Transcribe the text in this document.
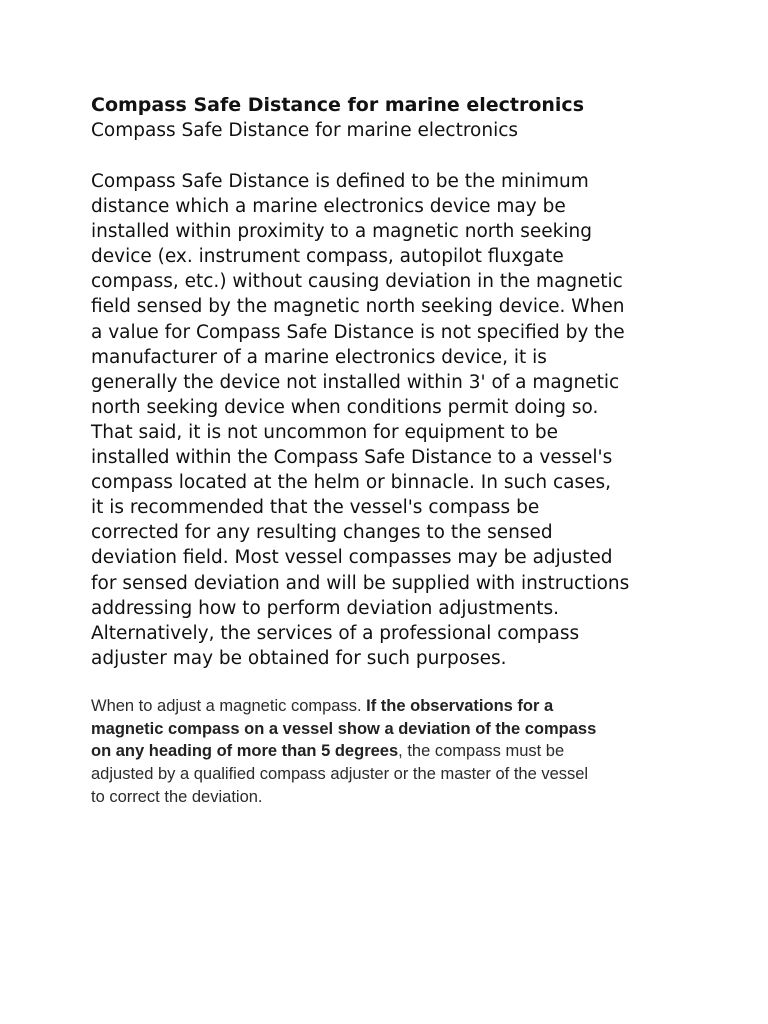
Compass Safe Distance for marine electronics

Compass Safe Distance for marine electronics

Compass Safe Distance is defined to be the minimum
distance which a marine electronics device may be
installed within proximity to a magnetic north seeking
device (ex. instrument compass, autopilot fluxgate
compass, etc.) without causing deviation in the magnetic
field sensed by the magnetic north seeking device. When
a value for Compass Safe Distance is not specified by the
manufacturer of a marine electronics device, it is
generally the device not installed within 3' of a magnetic
north seeking device when conditions permit doing so.
That said, it is not uncommon for equipment to be
installed within the Compass Safe Distance to a vessel's
compass located at the helm or binnacle. In such cases,
it is recommended that the vessel's compass be
corrected for any resulting changes to the sensed
deviation field. Most vessel compasses may be adjusted
for sensed deviation and will be supplied with instructions
addressing how to perform deviation adjustments.
Alternatively, the services of a professional compass
adjuster may be obtained for such purposes.

When to adjust a magnetic compass. If the observations for a
magnetic compass on a vessel show a deviation of the compass
on any heading of more than 5 degrees, the compass must be
adjusted by a qualified compass adjuster or the master of the vessel
to correct the deviation.
